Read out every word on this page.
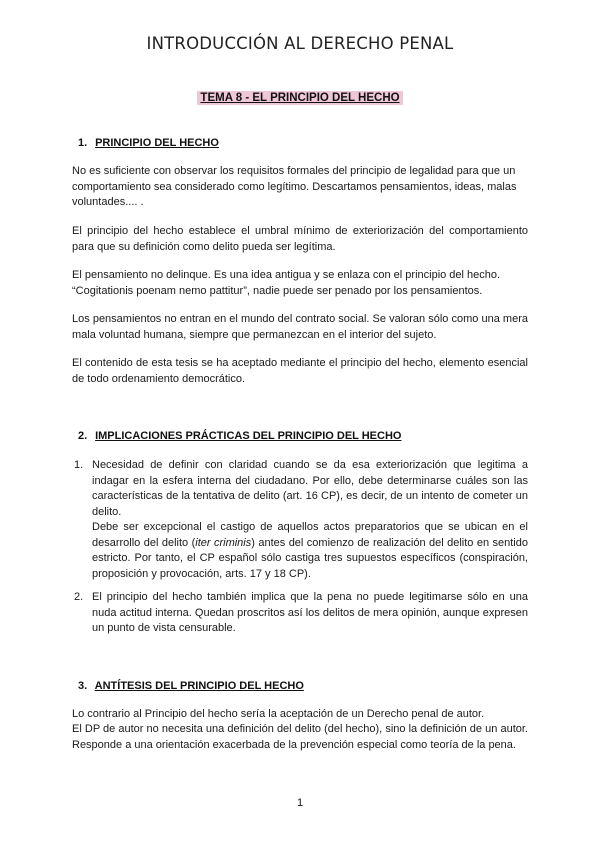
INTRODUCCIÓN AL DERECHO PENAL
TEMA 8 - EL PRINCIPIO DEL HECHO
1. PRINCIPIO DEL HECHO
No es suficiente con observar los requisitos formales del principio de legalidad para que un comportamiento sea considerado como legítimo. Descartamos pensamientos, ideas, malas voluntades.... .
El principio del hecho establece el umbral mínimo de exteriorización del comportamiento para que su definición como delito pueda ser legítima.
El pensamiento no delinque. Es una idea antigua y se enlaza con el principio del hecho. “Cogitationis poenam nemo pattitur”, nadie puede ser penado por los pensamientos.
Los pensamientos no entran en el mundo del contrato social. Se valoran sólo como una mera mala voluntad humana, siempre que permanezcan en el interior del sujeto.
El contenido de esta tesis se ha aceptado mediante el principio del hecho, elemento esencial de todo ordenamiento democrático.
2. IMPLICACIONES PRÁCTICAS DEL PRINCIPIO DEL HECHO
1. Necesidad de definir con claridad cuando se da esa exteriorización que legitima a indagar en la esfera interna del ciudadano. Por ello, debe determinarse cuáles son las características de la tentativa de delito (art. 16 CP), es decir, de un intento de cometer un delito.

Debe ser excepcional el castigo de aquellos actos preparatorios que se ubican en el desarrollo del delito (iter criminis) antes del comienzo de realización del delito en sentido estricto. Por tanto, el CP español sólo castiga tres supuestos específicos (conspiración, proposición y provocación, arts. 17 y 18 CP).

2. El principio del hecho también implica que la pena no puede legitimarse sólo en una nuda actitud interna. Quedan proscritos así los delitos de mera opinión, aunque expresen un punto de vista censurable.

3. ANTÍTESIS DEL PRINCIPIO DEL HECHO
Lo contrario al Principio del hecho sería la aceptación de un Derecho penal de autor.
El DP de autor no necesita una definición del delito (del hecho), sino la definición de un autor. Responde a una orientación exacerbada de la prevención especial como teoría de la pena.
1
